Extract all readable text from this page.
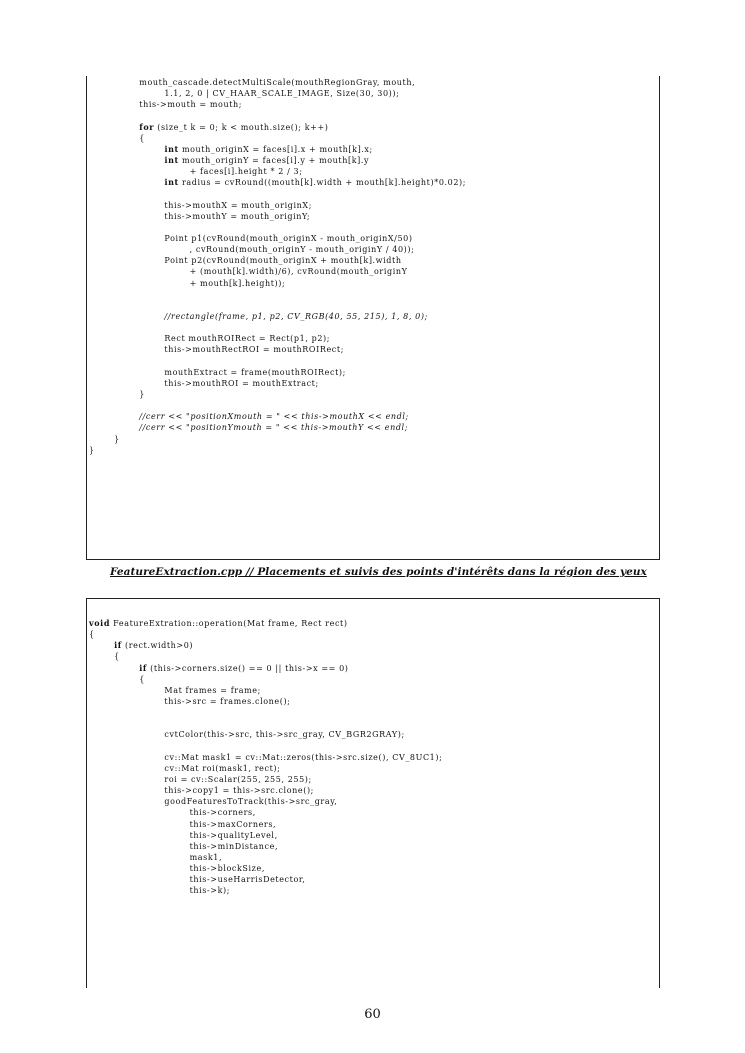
mouth_cascade.detectMultiScale(mouthRegionGray, mouth,
1.1, 2, 0 | CV_HAAR_SCALE_IMAGE, Size(30, 30));
this->mouth = mouth;

for (size_t k = 0; k < mouth.size(); k++)
{
int mouth_originX = faces[i].x + mouth[k].x;
int mouth_originY = faces[i].y + mouth[k].y
+ faces[i].height * 2 / 3;
int radius = cvRound((mouth[k].width + mouth[k].height)*0.02);

this->mouthX = mouth_originX;
this->mouthY = mouth_originY;

Point p1(cvRound(mouth_originX - mouth_originX/50)
, cvRound(mouth_originY - mouth_originY / 40));
Point p2(cvRound(mouth_originX + mouth[k].width
+ (mouth[k].width)/6), cvRound(mouth_originY
+ mouth[k].height));

//rectangle(frame, p1, p2, CV_RGB(40, 55, 215), 1, 8, 0);

Rect mouthROIRect = Rect(p1, p2);
this->mouthRectROI = mouthROIRect;

mouthExtract = frame(mouthROIRect);
this->mouthROI = mouthExtract;
}

//cerr << "positionXmouth = " << this->mouthX << endl;
//cerr << "positionYmouth = " << this->mouthY << endl;
}
}
FeatureExtraction.cpp // Placements et suivis des points d'intérêts dans la région des yeux
void FeatureExtration::operation(Mat frame, Rect rect)
{
if (rect.width>0)
{
if (this->corners.size() == 0 || this->x == 0)
{
Mat frames = frame;
this->src = frames.clone();

cvtColor(this->src, this->src_gray, CV_BGR2GRAY);

cv::Mat mask1 = cv::Mat::zeros(this->src.size(), CV_8UC1);
cv::Mat roi(mask1, rect);
roi = cv::Scalar(255, 255, 255);
this->copy1 = this->src.clone();
goodFeaturesToTrack(this->src_gray,
this->corners,
this->maxCorners,
this->qualityLevel,
this->minDistance,
mask1,
this->blockSize,
this->useHarrisDetector,
this->k);
60
